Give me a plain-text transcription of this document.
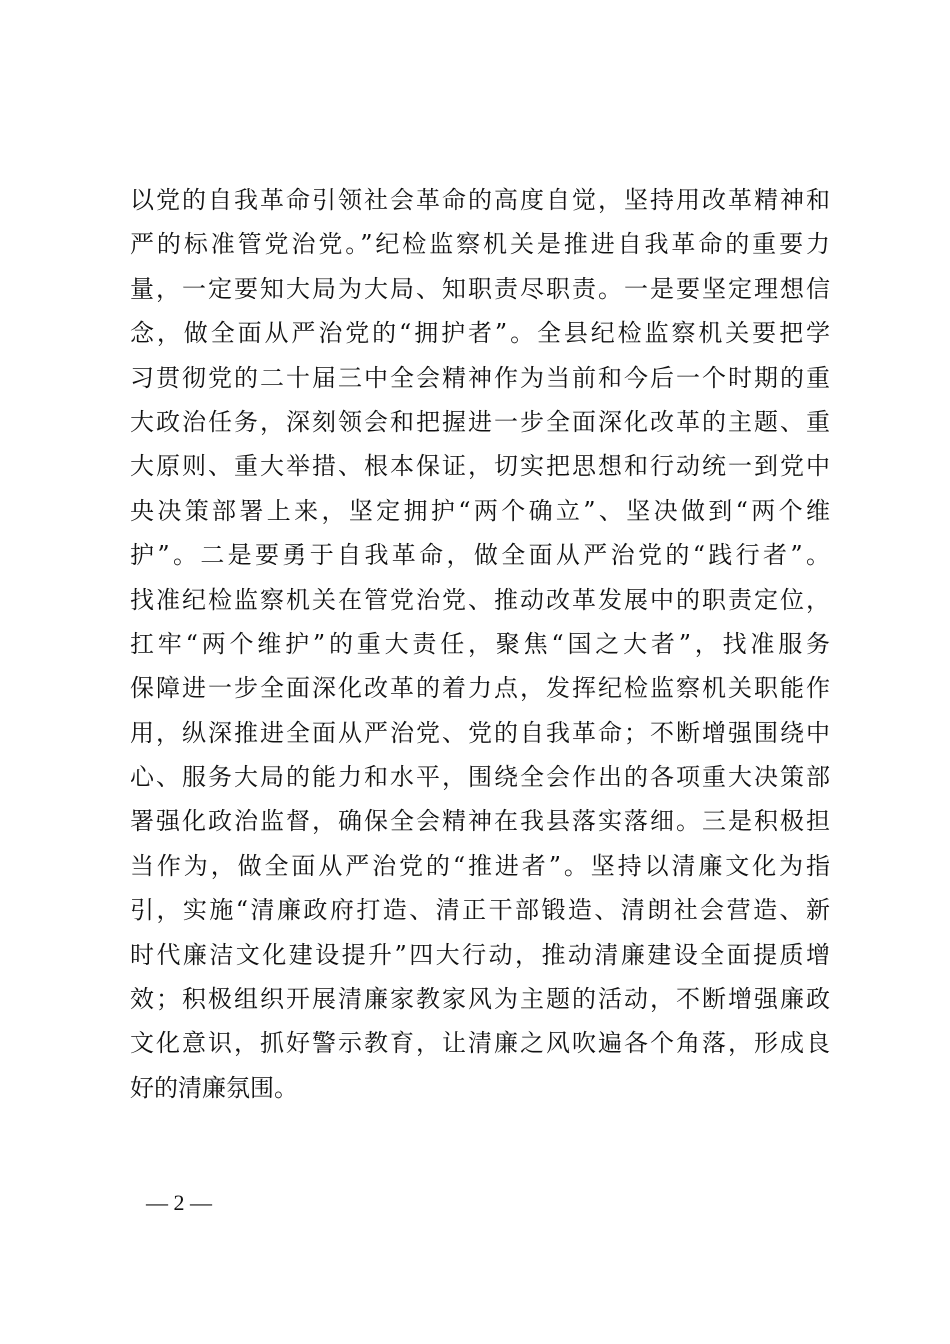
以党的自我革命引领社会革命的高度自觉，坚持用改革精神和
严的标准管党治党。”纪检监察机关是推进自我革命的重要力
量，一定要知大局为大局、知职责尽职责。一是要坚定理想信
念，做全面从严治党的“拥护者”。全县纪检监察机关要把学
习贯彻党的二十届三中全会精神作为当前和今后一个时期的重
大政治任务，深刻领会和把握进一步全面深化改革的主题、重
大原则、重大举措、根本保证，切实把思想和行动统一到党中
央决策部署上来，坚定拥护“两个确立”、坚决做到“两个维
护”。二是要勇于自我革命，做全面从严治党的“践行者”。
找准纪检监察机关在管党治党、推动改革发展中的职责定位，
扛牢“两个维护”的重大责任，聚焦“国之大者”，找准服务
保障进一步全面深化改革的着力点，发挥纪检监察机关职能作
用，纵深推进全面从严治党、党的自我革命；不断增强围绕中
心、服务大局的能力和水平，围绕全会作出的各项重大决策部
署强化政治监督，确保全会精神在我县落实落细。三是积极担
当作为，做全面从严治党的“推进者”。坚持以清廉文化为指
引，实施“清廉政府打造、清正干部锻造、清朗社会营造、新
时代廉洁文化建设提升”四大行动，推动清廉建设全面提质增
效；积极组织开展清廉家教家风为主题的活动，不断增强廉政
文化意识，抓好警示教育，让清廉之风吹遍各个角落，形成良
好的清廉氛围。
— 2 —
